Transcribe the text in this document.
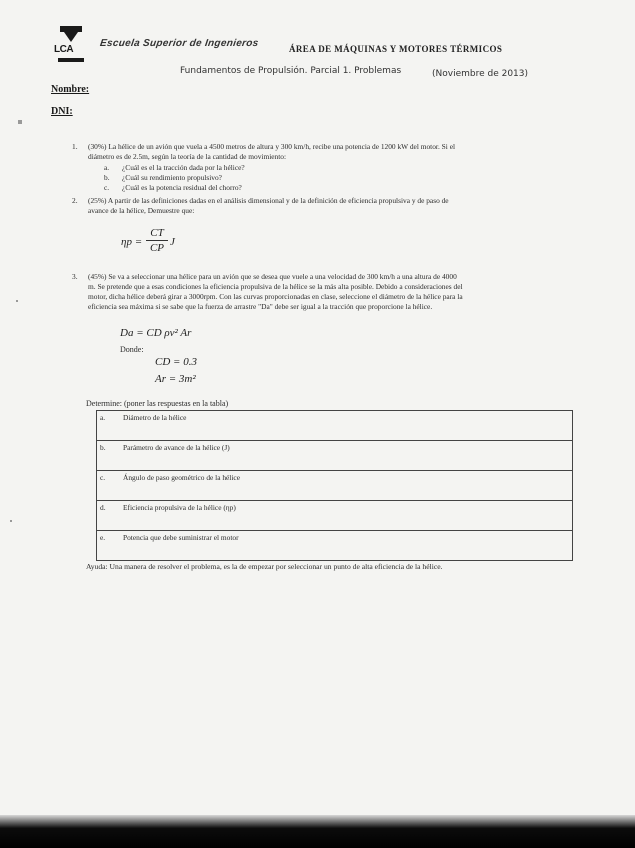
LCA
Escuela Superior de Ingenieros	ÁREA DE MÁQUINAS Y MOTORES TÉRMICOS
Fundamentos de Propulsión. Parcial 1. Problemas	(Noviembre de 2013)
Nombre:
DNI:
1. (30%) La hélice de un avión que vuela a 4500 metros de altura y 300 km/h, recibe una potencia de 1200 kW del motor. Si el
diámetro es de 2.5m, según la teoría de la cantidad de movimiento:
a. ¿Cuál es el la tracción dada por la hélice?
b. ¿Cuál su rendimiento propulsivo?
c. ¿Cuál es la potencia residual del chorro?
2. (25%) A partir de las definiciones dadas en el análisis dimensional y de la definición de eficiencia propulsiva y de paso de
avance de la hélice, Demuestre que:
ηp =
CT
CP J
3. (45%) Se va a seleccionar una hélice para un avión que se desea que vuele a una velocidad de 300 km/h a una altura de 4000
m. Se pretende que a esas condiciones la eficiencia propulsiva de la hélice se la más alta posible. Debido a consideraciones del
motor, dicha hélice deberá girar a 3000rpm. Con las curvas proporcionadas en clase, seleccione el diámetro de la hélice para la
eficiencia sea máxima si se sabe que la fuerza de arrastre "Da" debe ser igual a la tracción que proporcione la hélice.
Da = CD ρv² Ar
Donde:
CD = 0.3
Ar = 3m²
Determine: (poner las respuestas en la tabla)
a.	Diámetro de la hélice
b.	Parámetro de avance de la hélice (J)
c.	Ángulo de paso geométrico de la hélice
d.	Eficiencia propulsiva de la hélice (ηp)
e.	Potencia que debe suministrar el motor
Ayuda: Una manera de resolver el problema, es la de empezar por seleccionar un punto de alta eficiencia de la hélice.
